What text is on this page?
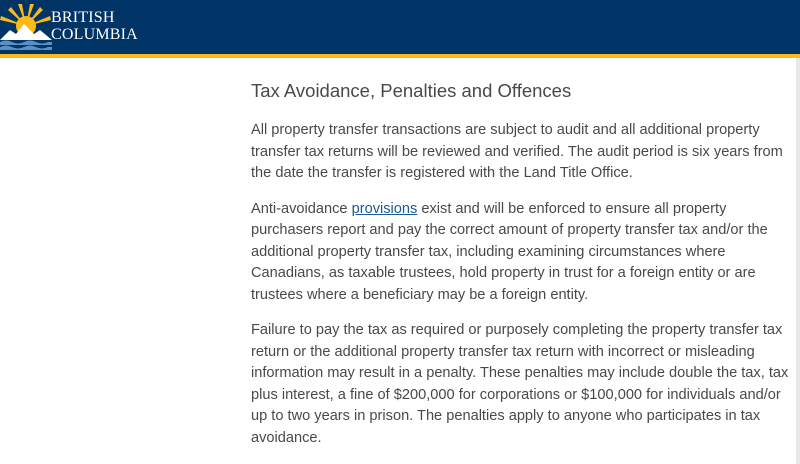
BRITISH
COLUMBIA
Tax Avoidance, Penalties and Offences

All property transfer transactions are subject to audit and all additional property transfer tax returns will be reviewed and verified. The audit period is six years from the date the transfer is registered with the Land Title Office.

Anti-avoidance provisions exist and will be enforced to ensure all property purchasers report and pay the correct amount of property transfer tax and/or the additional property transfer tax, including examining circumstances where Canadians, as taxable trustees, hold property in trust for a foreign entity or are trustees where a beneficiary may be a foreign entity.

Failure to pay the tax as required or purposely completing the property transfer tax return or the additional property transfer tax return with incorrect or misleading information may result in a penalty. These penalties may include double the tax, tax plus interest, a fine of $200,000 for corporations or $100,000 for individuals and/or up to two years in prison. The penalties apply to anyone who participates in tax avoidance.
